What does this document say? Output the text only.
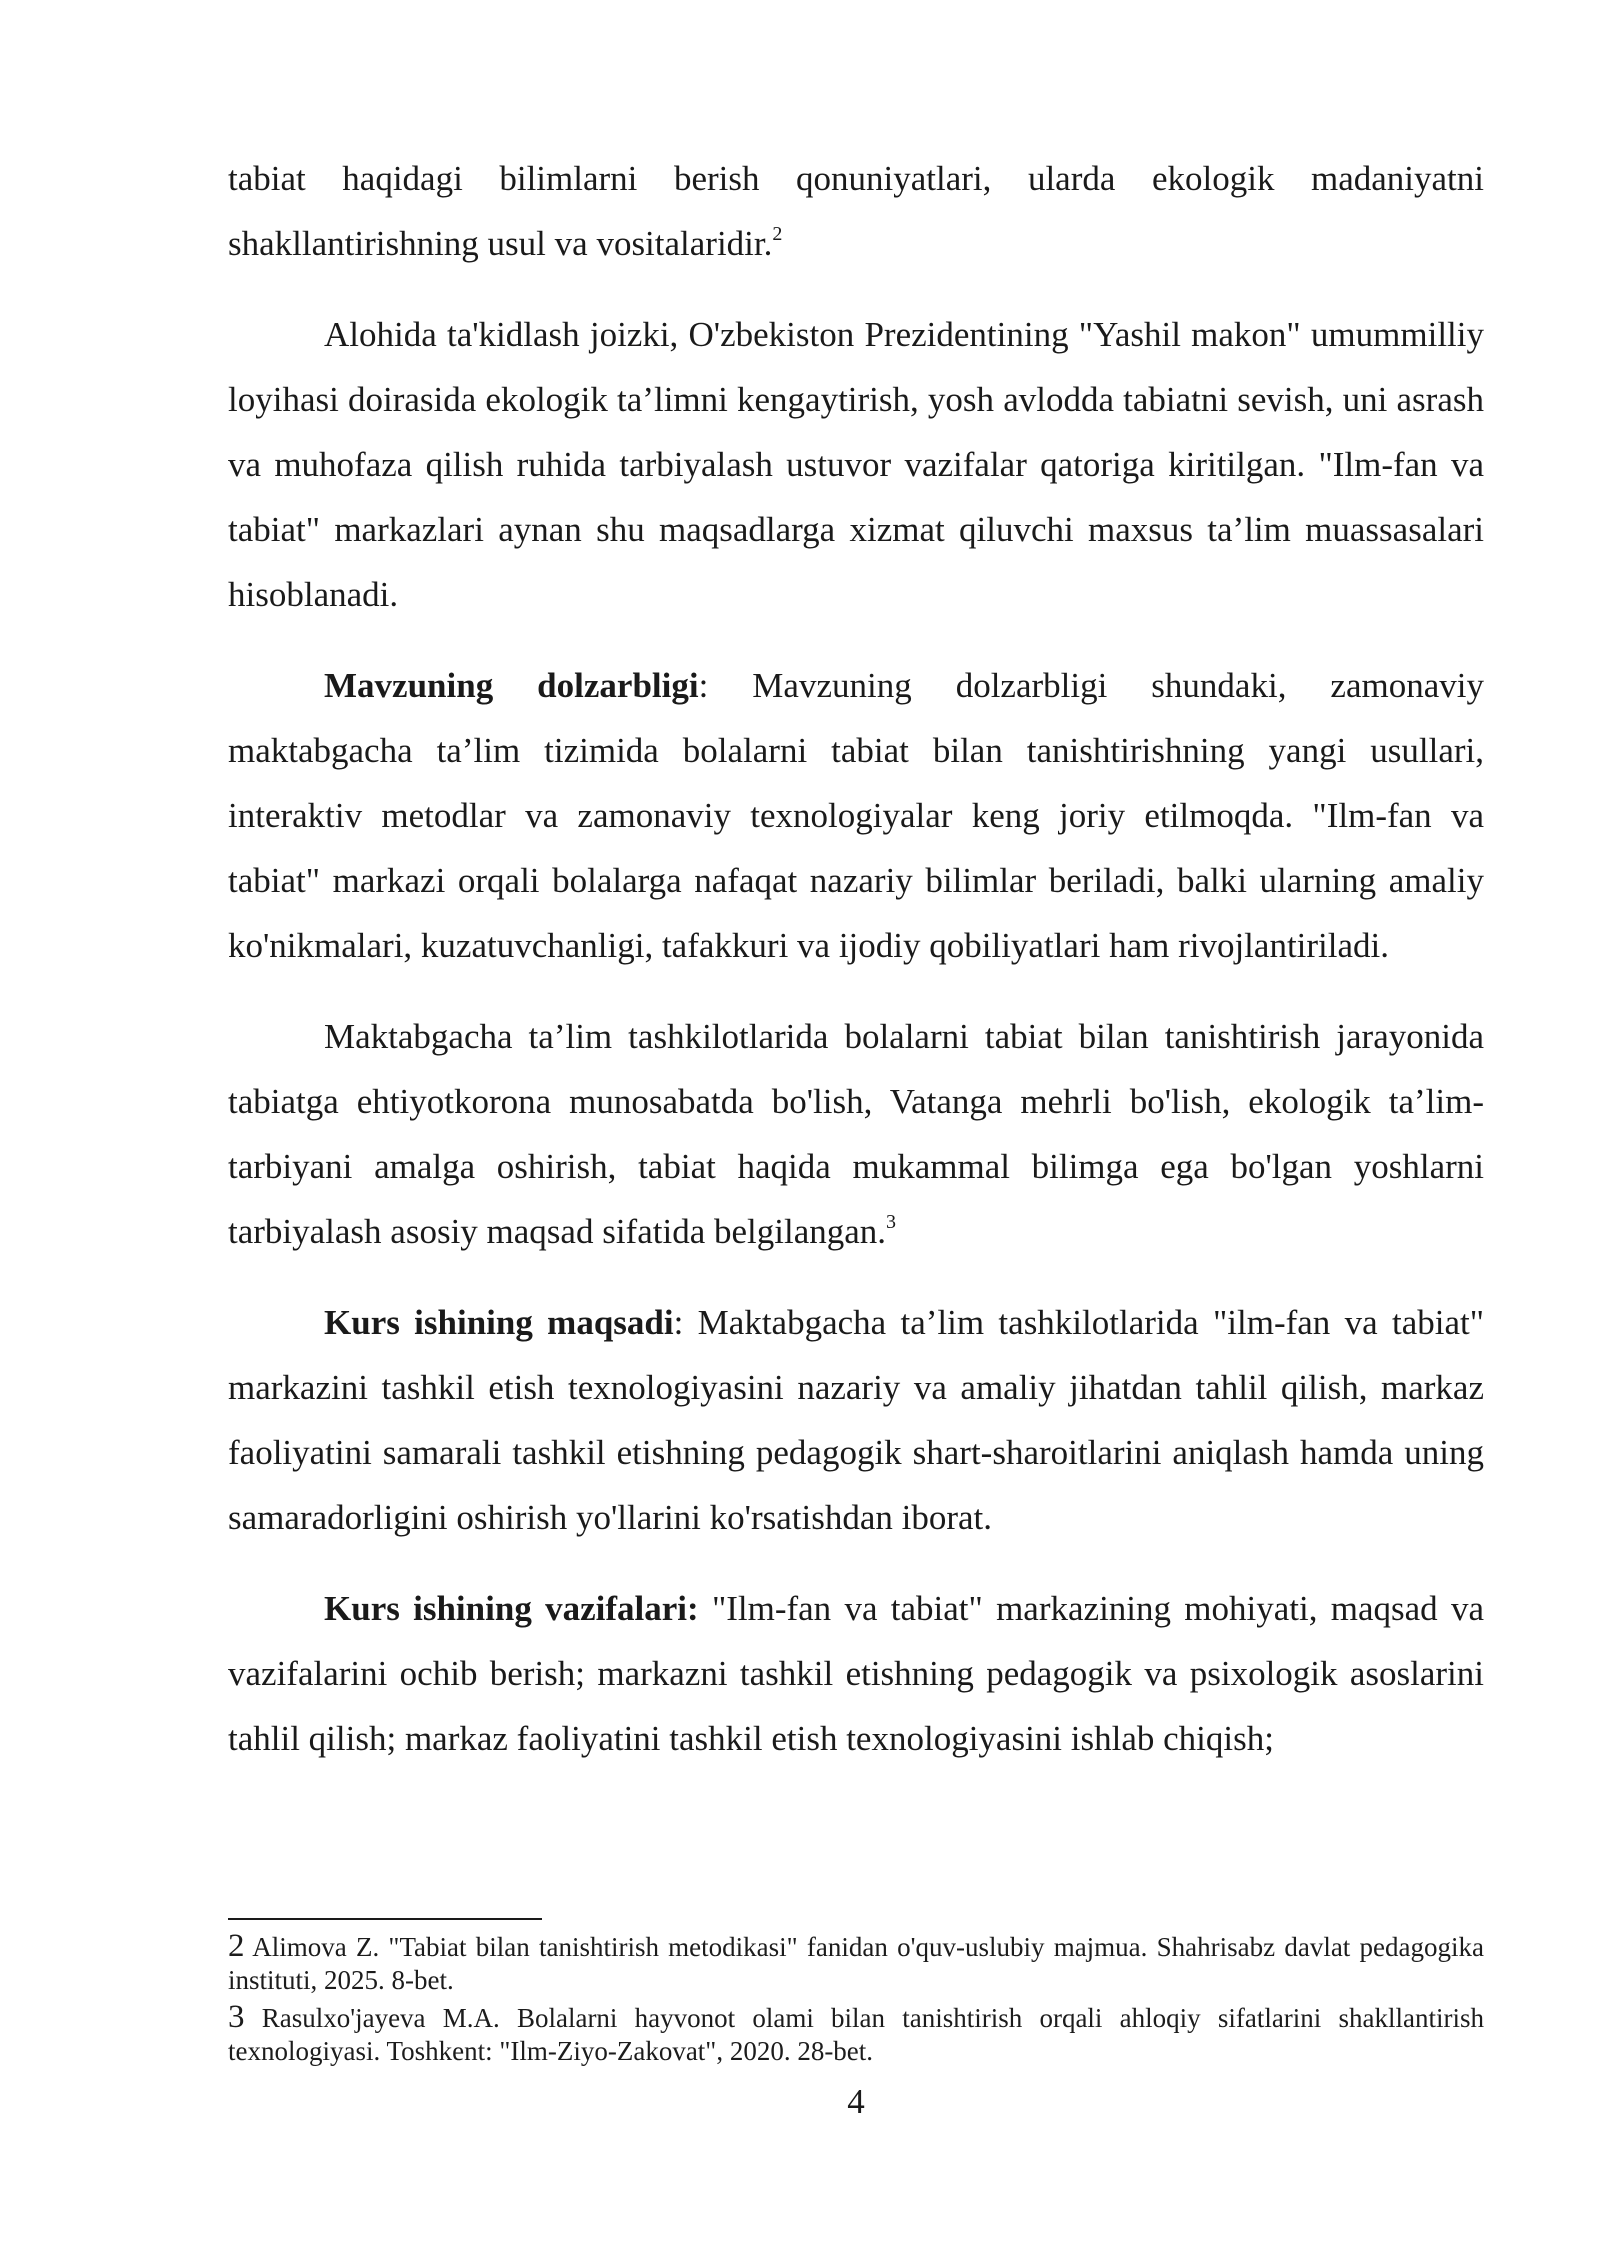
tabiat haqidagi bilimlarni berish qonuniyatlari, ularda ekologik madaniyatni shakllantirishning usul va vositalaridir.$^2$

Alohida ta'kidlash joizki, O'zbekiston Prezidentining "Yashil makon" umummilliy loyihasi doirasida ekologik ta’limni kengaytirish, yosh avlodda tabiatni sevish, uni asrash va muhofaza qilish ruhida tarbiyalash ustuvor vazifalar qatoriga kiritilgan. "Ilm-fan va tabiat" markazlari aynan shu maqsadlarga xizmat qiluvchi maxsus ta’lim muassasalari hisoblanadi.

Mavzuning dolzarbligi: Mavzuning dolzarbligi shundaki, zamonaviy maktabgacha ta’lim tizimida bolalarni tabiat bilan tanishtirishning yangi usullari, interaktiv metodlar va zamonaviy texnologiyalar keng joriy etilmoqda. "Ilm-fan va tabiat" markazi orqali bolalarga nafaqat nazariy bilimlar beriladi, balki ularning amaliy ko'nikmalari, kuzatuvchanligi, tafakkuri va ijodiy qobiliyatlari ham rivojlantiriladi.

Maktabgacha ta’lim tashkilotlarida bolalarni tabiat bilan tanishtirish jarayonida tabiatga ehtiyotkorona munosabatda bo'lish, Vatanga mehrli bo'lish, ekologik ta’lim-tarbiyani amalga oshirish, tabiat haqida mukammal bilimga ega bo'lgan yoshlarni tarbiyalash asosiy maqsad sifatida belgilangan.$^3$

Kurs ishining maqsadi: Maktabgacha ta’lim tashkilotlarida "ilm-fan va tabiat" markazini tashkil etish texnologiyasini nazariy va amaliy jihatdan tahlil qilish, markaz faoliyatini samarali tashkil etishning pedagogik shart-sharoitlarini aniqlash hamda uning samaradorligini oshirish yo'llarini ko'rsatishdan iborat.

Kurs ishining vazifalari: "Ilm-fan va tabiat" markazining mohiyati, maqsad va vazifalarini ochib berish; markazni tashkil etishning pedagogik va psixologik asoslarini tahlil qilish; markaz faoliyatini tashkil etish texnologiyasini ishlab chiqish;

2 Alimova Z. "Tabiat bilan tanishtirish metodikasi" fanidan o'quv-uslubiy majmua. Shahrisabz davlat pedagogika instituti, 2025. 8-bet.

3 Rasulxo'jayeva M.A. Bolalarni hayvonot olami bilan tanishtirish orqali ahloqiy sifatlarini shakllantirish texnologiyasi. Toshkent: "Ilm-Ziyo-Zakovat", 2020. 28-bet.

4
